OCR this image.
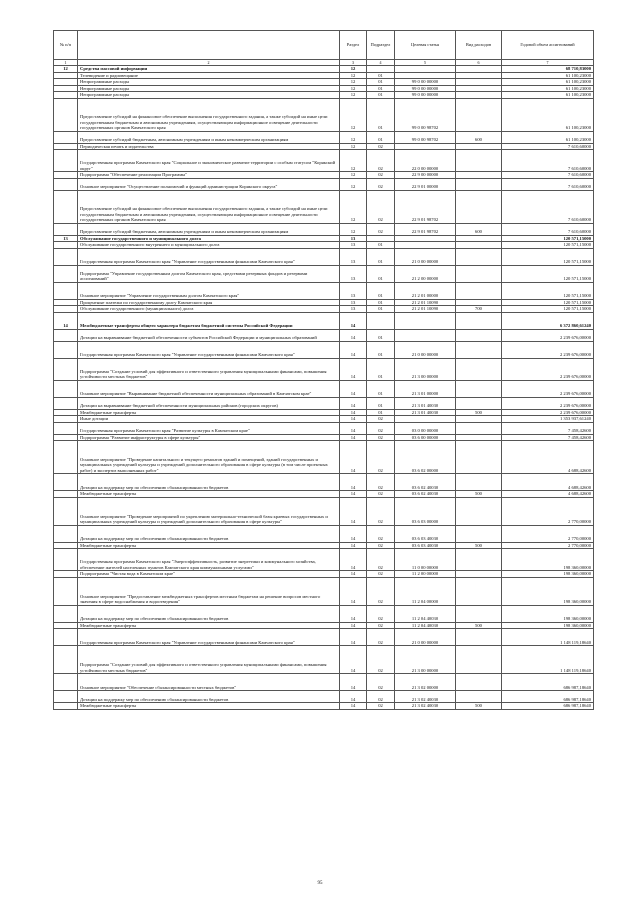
№ п/п		Раздел	Подраздел	Целевая статья	Вид расходов	Годовой объем ассигнований
1	2	3	4	5	6	7
12	Средства массовой информации	12				68 710,83000
	Телевидение и радиовещание	12	01			61 100,23000
	Непрограммные расходы	12	01	99 0 00 00000		61 100,23000
	Непрограммные расходы	12	01	99 0 00 00000		61 100,23000
	Непрограммные расходы	12	01	99 0 00 00000		61 100,23000
	Предоставление субсидий на финансовое обеспечение выполнения государственного задания, а также субсидий на иные цели государственным бюджетным и автономным учреждениям, осуществляющим информационное освещение деятельности государственных органов Камчатского края	12	01	99 0 00 98702		61 100,23000
	Предоставление субсидий бюджетным, автономным учреждениям и иным некоммерческим организациям	12	01	99 0 00 98702	600	61 100,23000
	Периодическая печать и издательства	12	02			7 610,60000
	Государственная программа Камчатского края "Социальное и экономическое развитие территории с особым статусом "Корякский округ"	12	02	22 0 00 00000		7 610,60000
	Подпрограмма "Обеспечение реализации Программы"	12	02	22 9 00 00000		7 610,60000
	Основное мероприятие "Осуществление полномочий и функций администрации Корякского округа"	12	02	22 9 01 00000		7 610,60000
	Предоставление субсидий на финансовое обеспечение выполнения государственного задания, а также субсидий на иные цели государственным бюджетным и автономным учреждениям, осуществляющим информационное освещение деятельности государственных органов Камчатского края	12	02	22 9 01 98702		7 610,60000
	Предоставление субсидий бюджетным, автономным учреждениям и иным некоммерческим организациям	12	02	22 9 01 98702	600	7 610,60000
13	Обслуживание государственного и муниципального долга	13				120 571,15000
	Обслуживание государственного внутреннего и муниципального долга	13	01			120 571,15000
	Государственная программа Камчатского края "Управление государственными финансами Камчатского края"	13	01	21 0 00 00000		120 571,15000
	Подпрограмма "Управление государственным долгом Камчатского края, средствами резервных фондов и резервами ассигнований"	13	01	21 2 00 00000		120 571,15000
	Основное мероприятие "Управление государственным долгом Камчатского края"	13	01	21 2 01 00000		120 571,15000
	Процентные платежи по государственному долгу Камчатского края	13	01	21 2 01 10090		120 571,15000
	Обслуживание государственного (муниципального) долга	13	01	21 2 01 10090	700	120 571,15000
14	Межбюджетные трансферты общего характера бюджетам бюджетной системы Российской Федерации	14				6 372 860,61240
	Дотации на выравнивание бюджетной обеспеченности субъектов Российской Федерации и муниципальных образований	14	01			2 239 676,00000
	Государственная программа Камчатского края "Управление государственными финансами Камчатского края"	14	01	21 0 00 00000		2 239 676,00000
	Подпрограмма "Создание условий для эффективного и ответственного управления муниципальными финансами, повышения устойчивости местных бюджетов"	14	01	21 3 00 00000		2 239 676,00000
	Основное мероприятие "Выравнивание бюджетной обеспеченности муниципальных образований в Камчатском крае"	14	01	21 3 01 00000		2 239 676,00000
	Дотации на выравнивание бюджетной обеспеченности муниципальных районов (городских округов)	14	01	21 3 01 40030		2 239 676,00000
	Межбюджетные трансферты	14	01	21 3 01 40030	500	2 239 676,00000
	Иные дотации	14	02			1 353 937,61240
	Государственная программа Камчатского края "Развитие культуры в Камчатском крае"	14	02	03 0 00 00000		7 458,42600
	Подпрограмма "Развитие инфраструктуры в сфере культуры"	14	02	03 6 00 00000		7 458,42600
	Основное мероприятие "Проведение капитального и текущего ремонтов зданий и помещений, зданий государственных и муниципальных учреждений культуры и учреждений дополнительного образования в сфере культуры (в том числе проектных работ) и экспертиз выполненных работ"	14	02	03 6 02 00000		4 688,42600
	Дотации на поддержку мер по обеспечению сбалансированности бюджетов	14	02	03 6 02 40030		4 688,42600
	Межбюджетные трансферты	14	02	03 6 02 40030	500	4 688,42600
	Основное мероприятие "Проведение мероприятий по укреплению материально-технической базы краевых государственных и муниципальных учреждений культуры и учреждений дополнительного образования в сфере культуры"	14	02	03 6 03 00000		2 770,00000
	Дотации на поддержку мер по обеспечению сбалансированности бюджетов	14	02	03 6 03 40030		2 770,00000
	Межбюджетные трансферты	14	02	03 6 03 40030	500	2 770,00000
	Государственная программа Камчатского края "Энергоэффективность, развитие энергетики и коммунального хозяйства, обеспечение жителей населенных пунктов Камчатского края коммунальными услугами"	14	02	11 0 00 00000		198 360,00000
	Подпрограмма "Чистая вода в Камчатском крае"	14	02	11 2 00 00000		198 360,00000
	Основное мероприятие "Предоставление межбюджетных трансфертов местным бюджетам на решение вопросов местного значения в сфере водоснабжения и водоотведения"	14	02	11 2 04 00000		198 360,00000
	Дотации на поддержку мер по обеспечению сбалансированности бюджетов	14	02	11 2 04 40030		198 360,00000
	Межбюджетные трансферты	14	02	11 2 04 40030	500	198 360,00000
	Государственная программа Камчатского края "Управление государственными финансами Камчатского края"	14	02	21 0 00 00000		1 148 119,18640
	Подпрограмма "Создание условий для эффективного и ответственного управления муниципальными финансами, повышения устойчивости местных бюджетов"	14	02	21 3 00 00000		1 148 119,18640
	Основное мероприятие "Обеспечение сбалансированности местных бюджетов"	14	02	21 3 02 00000		686 987,18640
	Дотации на поддержку мер по обеспечению сбалансированности бюджетов	14	02	21 3 02 40030		686 987,18640
	Межбюджетные трансферты	14	02	21 3 02 40030	500	686 987,18640
95
